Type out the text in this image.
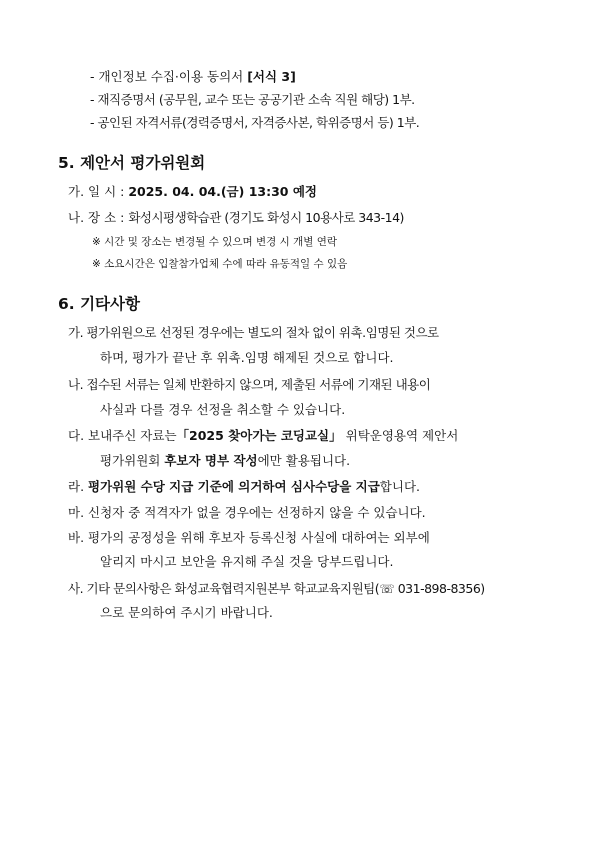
- 개인정보 수집·이용 동의서 [서식 3]
- 재직증명서 (공무원, 교수 또는 공공기관 소속 직원 해당) 1부.
- 공인된 자격서류(경력증명서, 자격증사본, 학위증명서 등) 1부.
5. 제안서 평가위원회
가. 일 시 : 2025. 04. 04.(금) 13:30 예정
나. 장 소 : 화성시평생학습관 (경기도 화성시 10용사로 343-14)
※ 시간 및 장소는 변경될 수 있으며 변경 시 개별 연락
※ 소요시간은 입찰참가업체 수에 따라 유동적일 수 있음
6. 기타사항
가. 평가위원으로 선정된 경우에는 별도의 절차 없이 위촉․임명된 것으로
하며, 평가가 끝난 후 위촉․임명 해제된 것으로 합니다.
나. 접수된 서류는 일체 반환하지 않으며, 제출된 서류에 기재된 내용이
사실과 다를 경우 선정을 취소할 수 있습니다.
다. 보내주신 자료는「2025 찾아가는 코딩교실」 위탁운영용역 제안서
평가위원회 후보자 명부 작성에만 활용됩니다.
라. 평가위원 수당 지급 기준에 의거하여 심사수당을 지급합니다.
마. 신청자 중 적격자가 없을 경우에는 선정하지 않을 수 있습니다.
바. 평가의 공정성을 위해 후보자 등록신청 사실에 대하여는 외부에
알리지 마시고 보안을 유지해 주실 것을 당부드립니다.
사. 기타 문의사항은 화성교육협력지원본부 학교교육지원팀(☏ 031-898-8356)
으로 문의하여 주시기 바랍니다.
